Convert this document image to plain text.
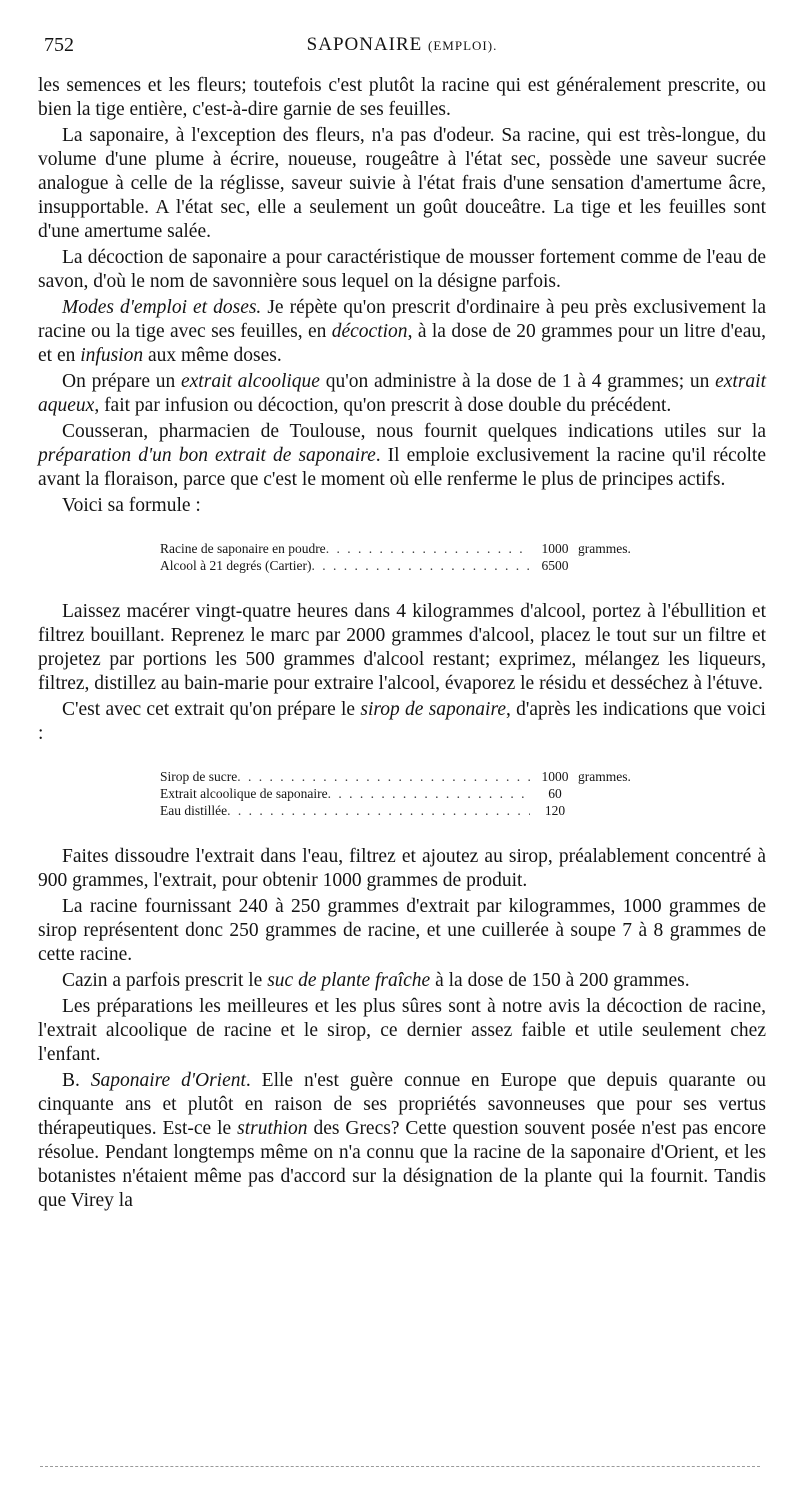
752	SAPONAIRE (EMPLOI).

les semences et les fleurs; toutefois c'est plutôt la racine qui est généralement prescrite, ou bien la tige entière, c'est-à-dire garnie de ses feuilles.

La saponaire, à l'exception des fleurs, n'a pas d'odeur. Sa racine, qui est très-longue, du volume d'une plume à écrire, noueuse, rougeâtre à l'état sec, possède une saveur sucrée analogue à celle de la réglisse, saveur suivie à l'état frais d'une sensation d'amertume âcre, insupportable. A l'état sec, elle a seulement un goût douceâtre. La tige et les feuilles sont d'une amertume salée.

La décoction de saponaire a pour caractéristique de mousser fortement comme de l'eau de savon, d'où le nom de savonnière sous lequel on la désigne parfois.

Modes d'emploi et doses. Je répète qu'on prescrit d'ordinaire à peu près exclusivement la racine ou la tige avec ses feuilles, en décoction, à la dose de 20 grammes pour un litre d'eau, et en infusion aux même doses.

On prépare un extrait alcoolique qu'on administre à la dose de 1 à 4 grammes; un extrait aqueux, fait par infusion ou décoction, qu'on prescrit à dose double du précédent.

Cousseran, pharmacien de Toulouse, nous fournit quelques indications utiles sur la préparation d'un bon extrait de saponaire. Il emploie exclusivement la racine qu'il récolte avant la floraison, parce que c'est le moment où elle renferme le plus de principes actifs.

Voici sa formule :

Racine de saponaire en poudre . . .	1000 grammes.
Alcool à 21 degrés (Cartier) . . .	6500

Laissez macérer vingt-quatre heures dans 4 kilogrammes d'alcool, portez à l'ébullition et filtrez bouillant. Reprenez le marc par 2000 grammes d'alcool, placez le tout sur un filtre et projetez par portions les 500 grammes d'alcool restant; exprimez, mélangez les liqueurs, filtrez, distillez au bain-marie pour extraire l'alcool, évaporez le résidu et desséchez à l'étuve.

C'est avec cet extrait qu'on prépare le sirop de saponaire, d'après les indications que voici :

Sirop de sucre . . .	1000 grammes.
Extrait alcoolique de saponaire . . .	60
Eau distillée . . .	120

Faites dissoudre l'extrait dans l'eau, filtrez et ajoutez au sirop, préalablement concentré à 900 grammes, l'extrait, pour obtenir 1000 grammes de produit.

La racine fournissant 240 à 250 grammes d'extrait par kilogrammes, 1000 grammes de sirop représentent donc 250 grammes de racine, et une cuillerée à soupe 7 à 8 grammes de cette racine.

Cazin a parfois prescrit le suc de plante fraîche à la dose de 150 à 200 grammes.

Les préparations les meilleures et les plus sûres sont à notre avis la décoction de racine, l'extrait alcoolique de racine et le sirop, ce dernier assez faible et utile seulement chez l'enfant.

B. Saponaire d'Orient. Elle n'est guère connue en Europe que depuis quarante ou cinquante ans et plutôt en raison de ses propriétés savonneuses que pour ses vertus thérapeutiques. Est-ce le struthion des Grecs? Cette question souvent posée n'est pas encore résolue. Pendant longtemps même on n'a connu que la racine de la saponaire d'Orient, et les botanistes n'étaient même pas d'accord sur la désignation de la plante qui la fournit. Tandis que Virey la
